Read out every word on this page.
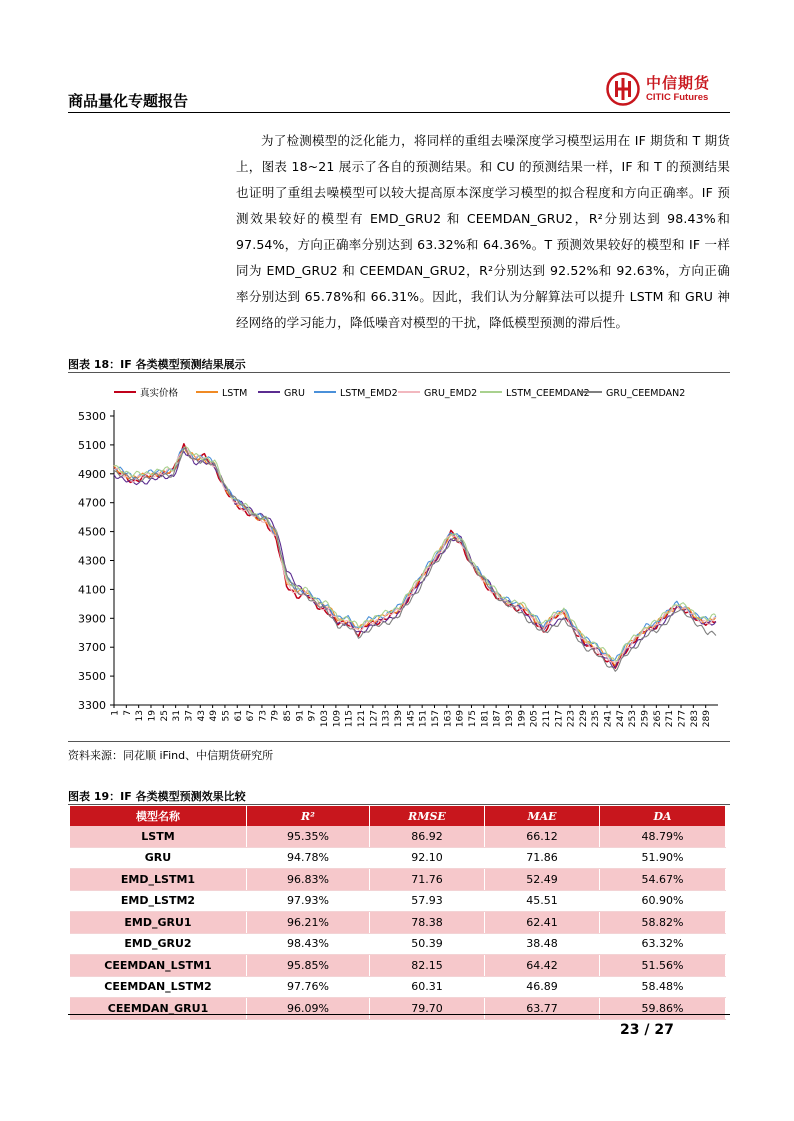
商品量化专题报告
中信期货
CITIC Futures

为了检测模型的泛化能力，将同样的重组去噪深度学习模型运用在 IF 期货和 T 期货上，图表 18~21 展示了各自的预测结果。和 CU 的预测结果一样，IF 和 T 的预测结果也证明了重组去噪模型可以较大提高原本深度学习模型的拟合程度和方向正确率。IF 预测效果较好的模型有 EMD_GRU2 和 CEEMDAN_GRU2，R²分别达到 98.43%和 97.54%，方向正确率分别达到 63.32%和 64.36%。T 预测效果较好的模型和 IF 一样同为 EMD_GRU2 和 CEEMDAN_GRU2，R²分别达到 92.52%和 92.63%，方向正确率分别达到 65.78%和 66.31%。因此，我们认为分解算法可以提升 LSTM 和 GRU 神经网络的学习能力，降低噪音对模型的干扰，降低模型预测的滞后性。

图表 18：IF 各类模型预测结果展示
真实价格	LSTM	GRU	LSTM_EMD2	GRU_EMD2	LSTM_CEEMDAN2 GRU_CEEMDAN2
3300
3500
3700
3900
4100
4300
4500
4700
4900
5100
5300
1 7 13 19 25 31 37 43 49 55 61 67 73 79 85 91 97 103 109 115 121 127 133 139 145 151 157 163 169 175 181 187 193 199 205 211 217 223 229 235 241 247 253 259 265 271 277 283 289
资料来源：同花顺 iFind、中信期货研究所
图表 19：IF 各类模型预测效果比较
模型名称	R²	RMSE	MAE	DA
LSTM	95.35%	86.92	66.12	48.79%
GRU	94.78%	92.10	71.86	51.90%
EMD_LSTM1	96.83%	71.76	52.49	54.67%
EMD_LSTM2	97.93%	57.93	45.51	60.90%
EMD_GRU1	96.21%	78.38	62.41	58.82%
EMD_GRU2	98.43%	50.39	38.48	63.32%
CEEMDAN_LSTM1	95.85%	82.15	64.42	51.56%
CEEMDAN_LSTM2	97.76%	60.31	46.89	58.48%
CEEMDAN_GRU1	96.09%	79.70	63.77	59.86%
23 / 27
